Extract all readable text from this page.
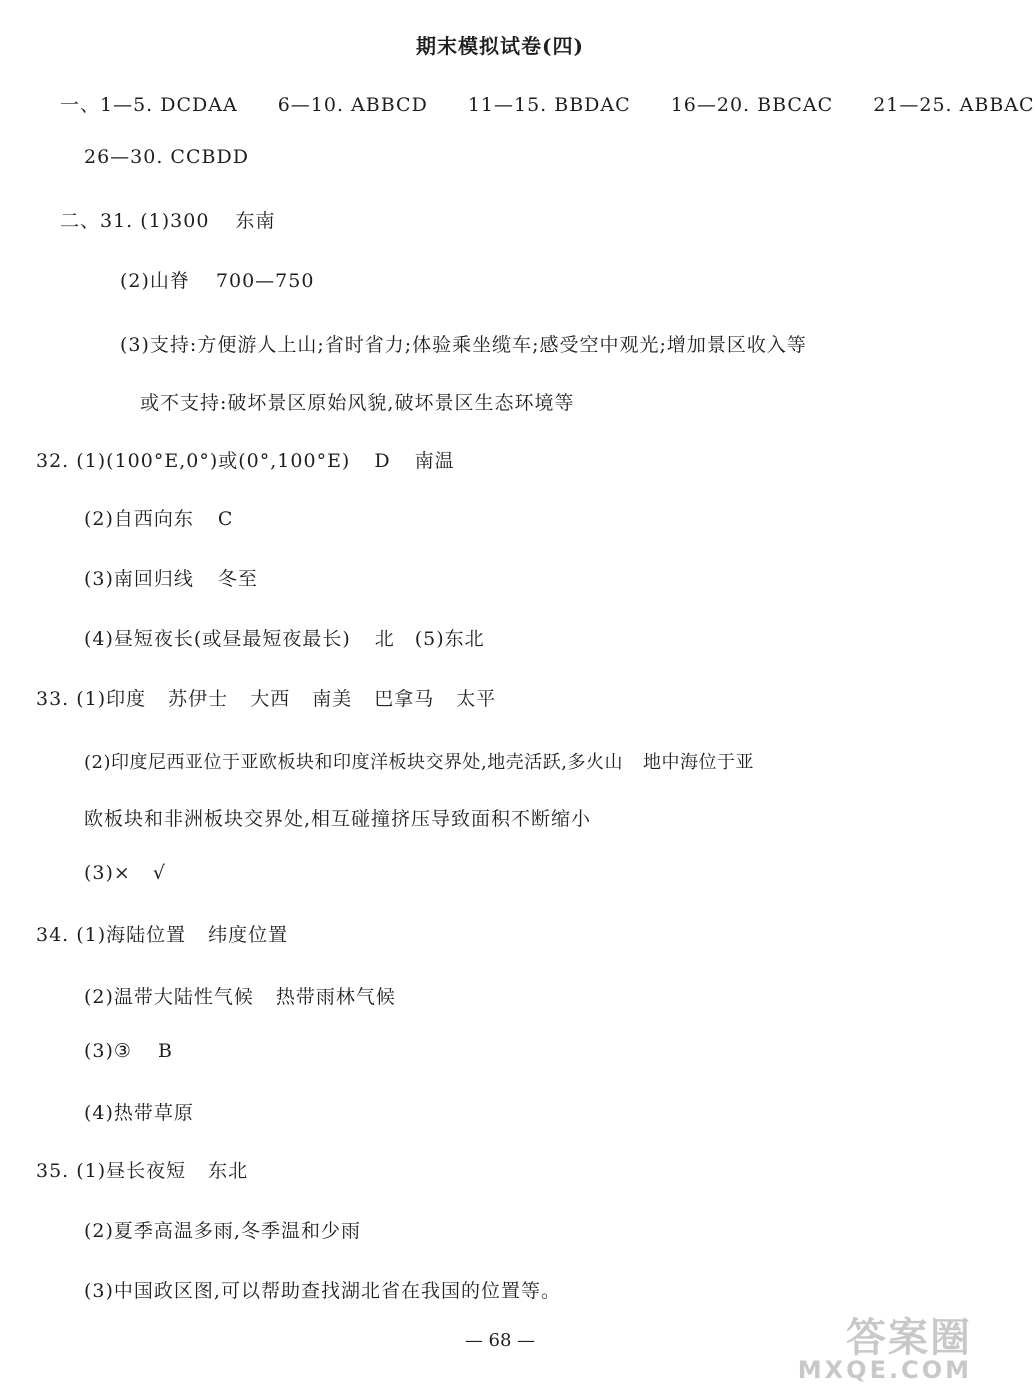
期末模拟试卷(四)
一、1—5. DCDAA 6—10. ABBCD 11—15. BBDAC 16—20. BBCAC 21—25. ABBAC
26—30. CCBDD
二、31. (1)300 东南
(2)山脊 700—750
(3)支持:方便游人上山;省时省力;体验乘坐缆车;感受空中观光;增加景区收入等
或不支持:破坏景区原始风貌,破坏景区生态环境等
32. (1)(100°E,0°)或(0°,100°E) D 南温
(2)自西向东 C
(3)南回归线 冬至
(4)昼短夜长(或昼最短夜最长) 北 (5)东北
33. (1)印度 苏伊士 大西 南美 巴拿马 太平
(2)印度尼西亚位于亚欧板块和印度洋板块交界处,地壳活跃,多火山 地中海位于亚
欧板块和非洲板块交界处,相互碰撞挤压导致面积不断缩小
(3)× √
34. (1)海陆位置 纬度位置
(2)温带大陆性气候 热带雨林气候
(3)③ B
(4)热带草原
35. (1)昼长夜短 东北
(2)夏季高温多雨,冬季温和少雨
(3)中国政区图,可以帮助查找湖北省在我国的位置等。
— 68 —	答案圈
MXQE.COM
